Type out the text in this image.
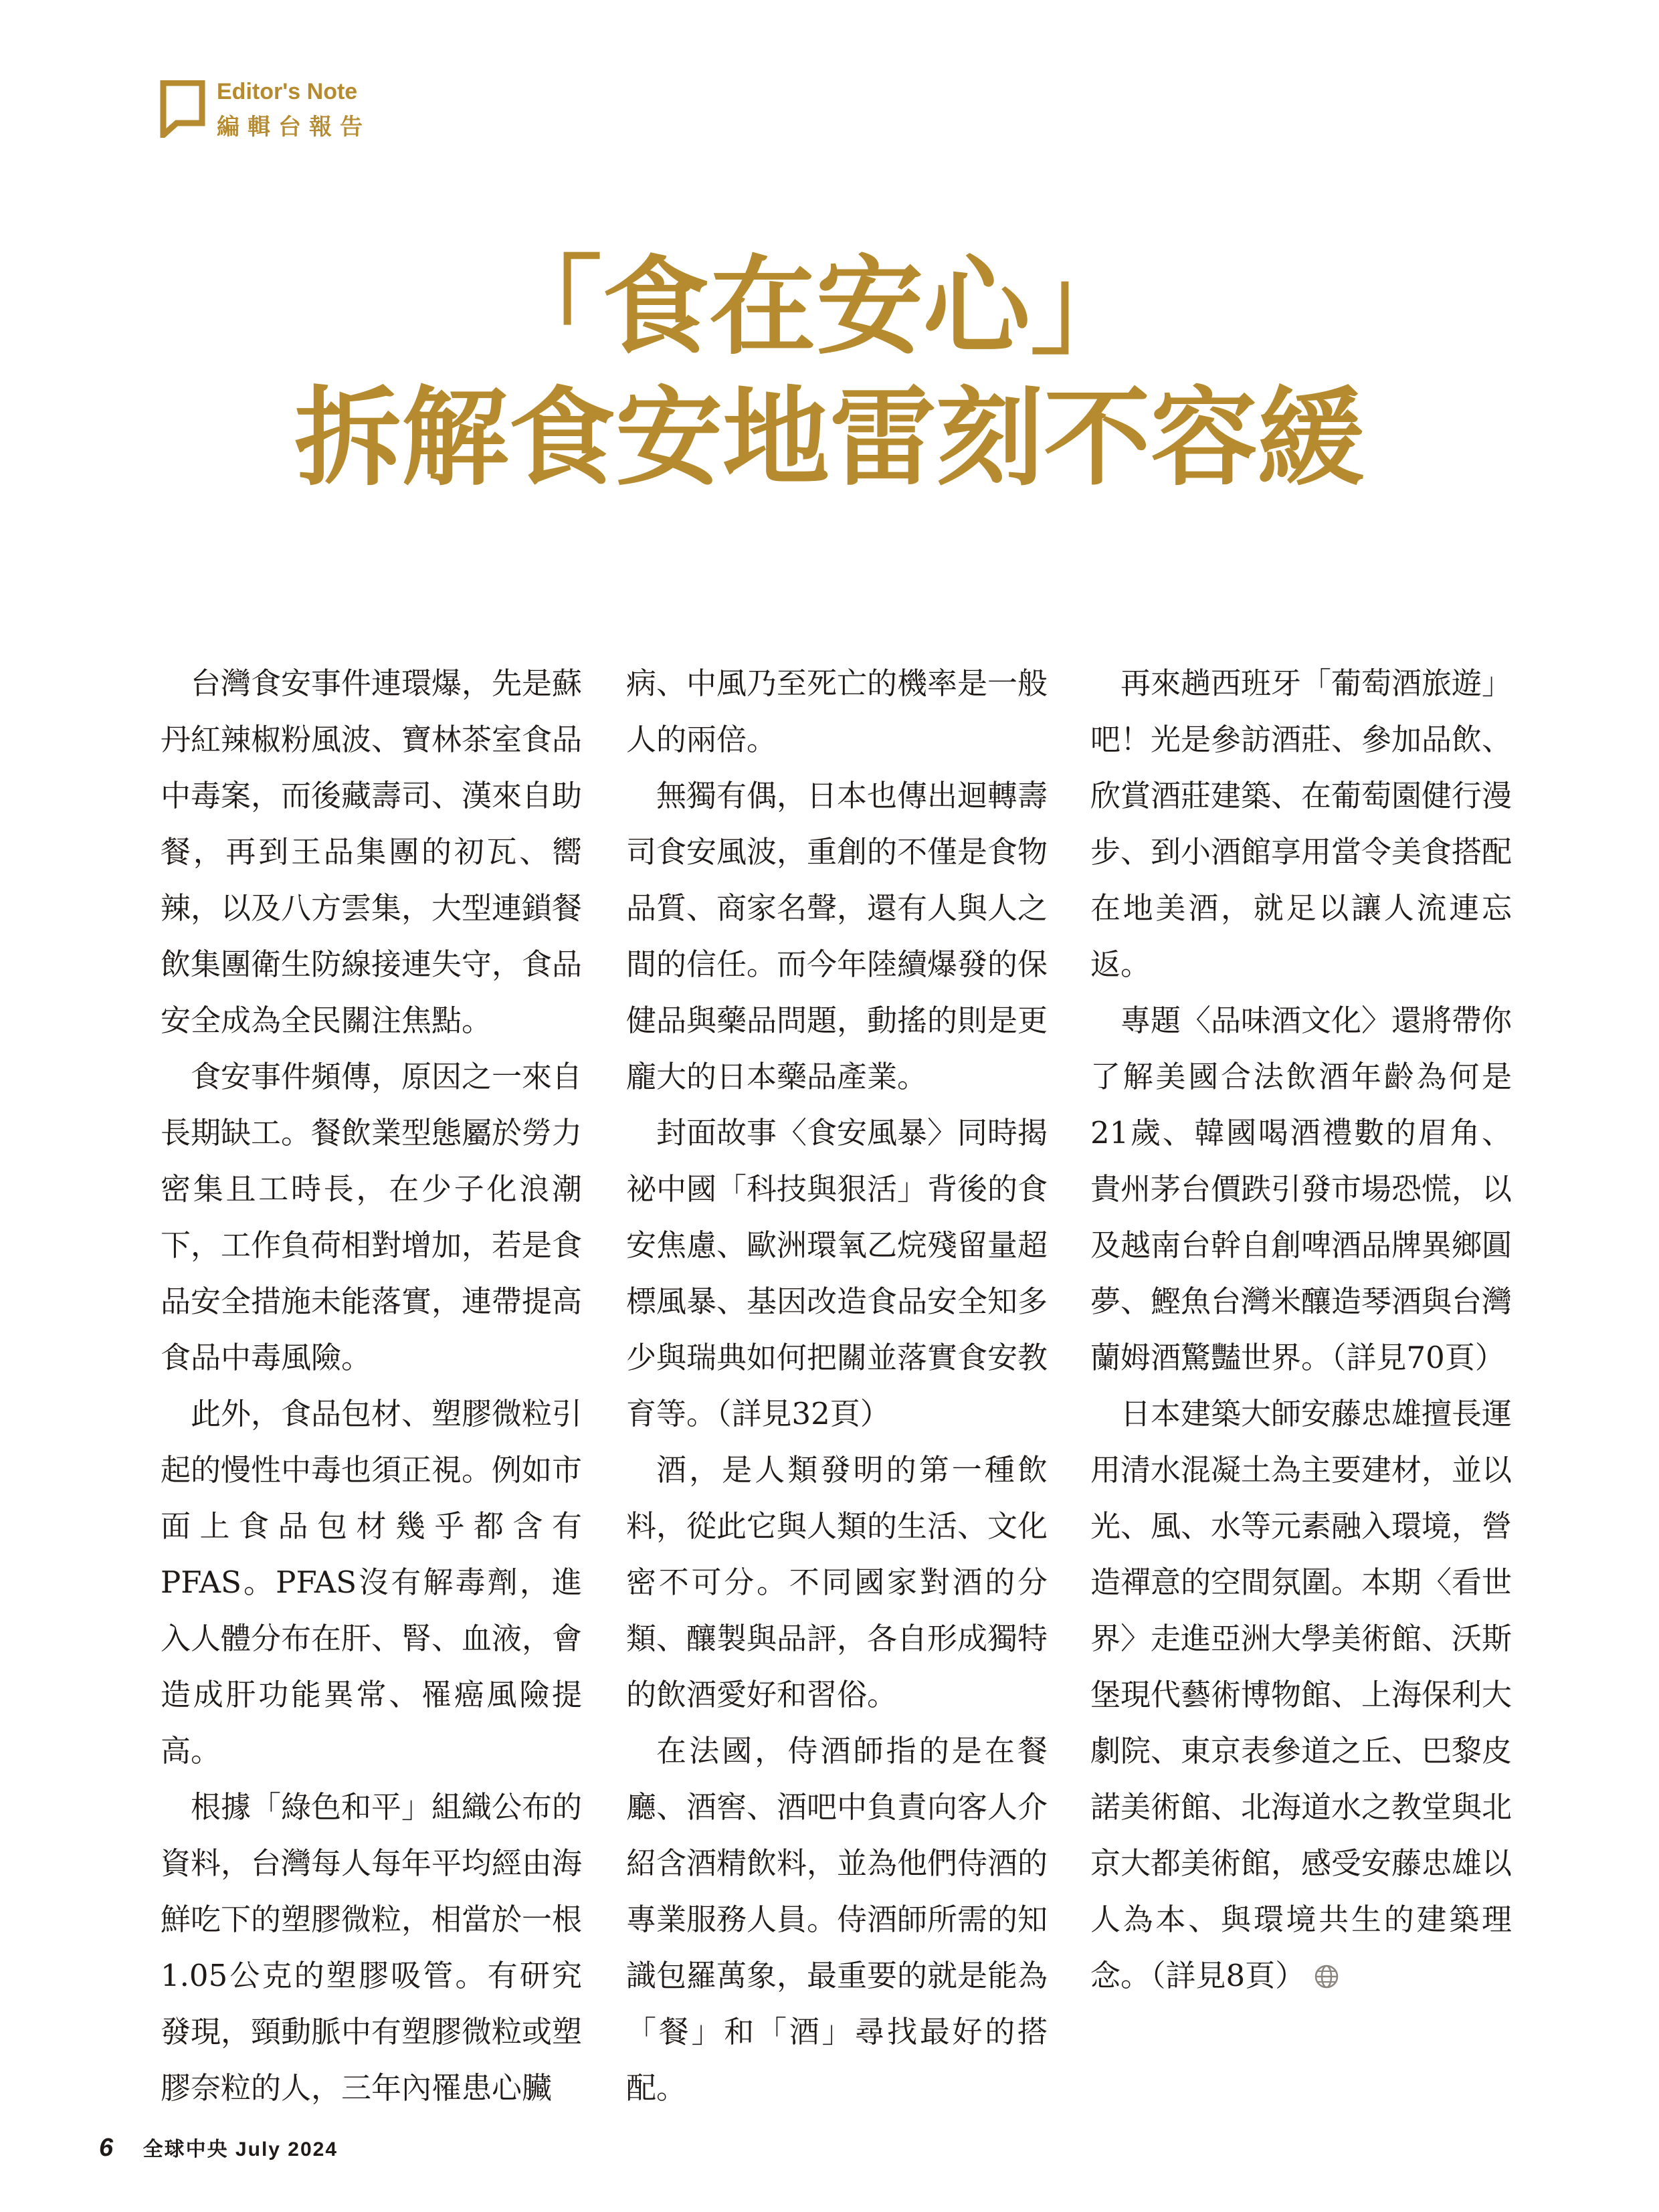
Editor's Note
編輯台報告
「食在安心」
拆解食安地雷刻不容緩

台灣食安事件連環爆，先是蘇丹紅辣椒粉風波、寶林茶室食品中毒案，而後藏壽司、漢來自助餐，再到王品集團的初瓦、嚮辣，以及八方雲集，大型連鎖餐飲集團衛生防線接連失守，食品安全成為全民關注焦點。

食安事件頻傳，原因之一來自長期缺工。餐飲業型態屬於勞力密集且工時長，在少子化浪潮下，工作負荷相對增加，若是食品安全措施未能落實，連帶提高食品中毒風險。

此外，食品包材、塑膠微粒引起的慢性中毒也須正視。例如市面上食品包材幾乎都含有PFAS。PFAS沒有解毒劑，進入人體分布在肝、腎、血液，會造成肝功能異常、罹癌風險提高。

根據「綠色和平」組織公布的資料，台灣每人每年平均經由海鮮吃下的塑膠微粒，相當於一根1.05公克的塑膠吸管。有研究發現，頸動脈中有塑膠微粒或塑膠奈粒的人，三年內罹患心臟

病、中風乃至死亡的機率是一般人的兩倍。

無獨有偶，日本也傳出迴轉壽司食安風波，重創的不僅是食物品質、商家名聲，還有人與人之間的信任。而今年陸續爆發的保健品與藥品問題，動搖的則是更龐大的日本藥品產業。

封面故事〈食安風暴〉同時揭祕中國「科技與狠活」背後的食安焦慮、歐洲環氧乙烷殘留量超標風暴、基因改造食品安全知多少與瑞典如何把關並落實食安教育等。（詳見32頁）

酒，是人類發明的第一種飲料，從此它與人類的生活、文化密不可分。不同國家對酒的分類、釀製與品評，各自形成獨特的飲酒愛好和習俗。

在法國，侍酒師指的是在餐廳、酒窖、酒吧中負責向客人介紹含酒精飲料，並為他們侍酒的專業服務人員。侍酒師所需的知識包羅萬象，最重要的就是能為「餐」和「酒」尋找最好的搭配。

再來趟西班牙「葡萄酒旅遊」吧！光是參訪酒莊、參加品飲、欣賞酒莊建築、在葡萄園健行漫步、到小酒館享用當令美食搭配在地美酒，就足以讓人流連忘返。

專題〈品味酒文化〉還將帶你了解美國合法飲酒年齡為何是21歲、韓國喝酒禮數的眉角、貴州茅台價跌引發市場恐慌，以及越南台幹自創啤酒品牌異鄉圓夢、鰹魚台灣米釀造琴酒與台灣蘭姆酒驚豔世界。（詳見70頁）

日本建築大師安藤忠雄擅長運用清水混凝土為主要建材，並以光、風、水等元素融入環境，營造禪意的空間氛圍。本期〈看世界〉走進亞洲大學美術館、沃斯堡現代藝術博物館、上海保利大劇院、東京表參道之丘、巴黎皮諾美術館、北海道水之教堂與北京大都美術館，感受安藤忠雄以人為本、與環境共生的建築理念。（詳見8頁）

6 全球中央 July 2024
